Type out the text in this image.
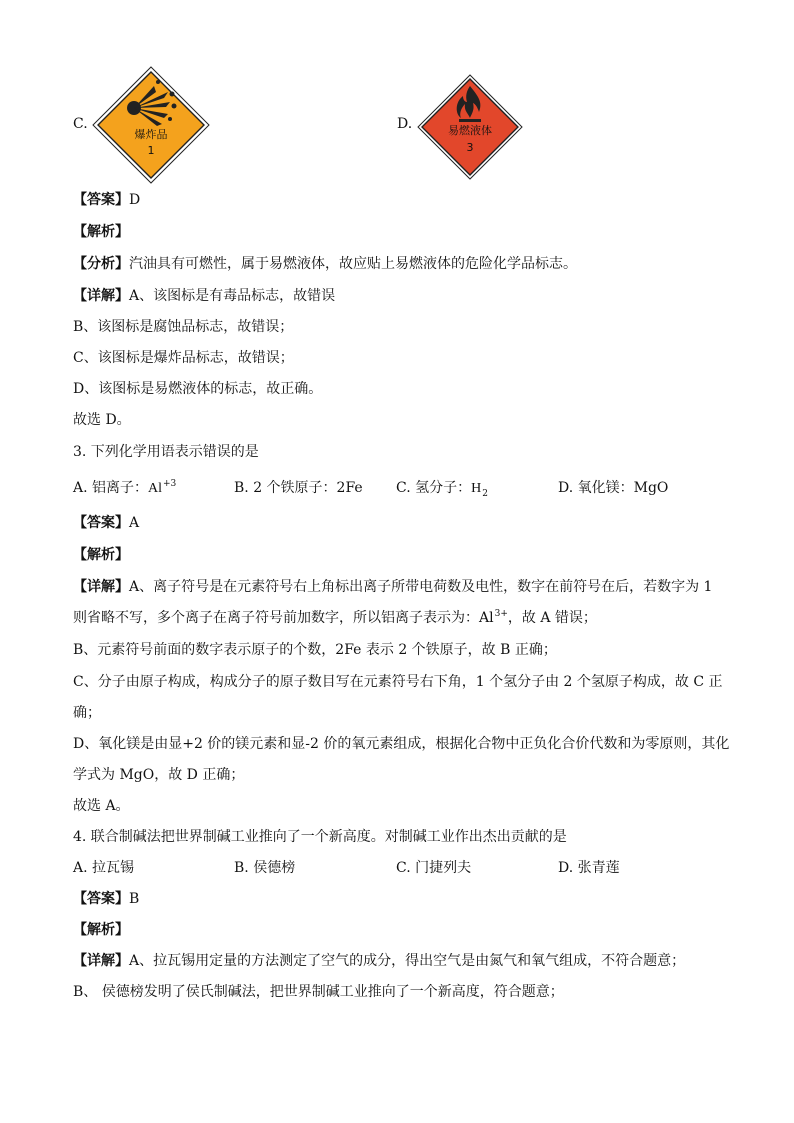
C.
爆炸品
1
D.	易燃液体
3
【答案】D
【解析】
【分析】汽油具有可燃性，属于易燃液体，故应贴上易燃液体的危险化学品标志。
【详解】A、该图标是有毒品标志，故错误
B、该图标是腐蚀品标志，故错误；
C、该图标是爆炸品标志，故错误；
D、该图标是易燃液体的标志，故正确。
故选 D。
3. 下列化学用语表示错误的是
A. 铝离子：$Al^{+3}$	B. 2 个铁原子：2Fe C. 氢分子：$H_2$	D. 氧化镁：MgO
【答案】A
【解析】
【详解】A、离子符号是在元素符号右上角标出离子所带电荷数及电性，数字在前符号在后，若数字为 1
则省略不写，多个离子在离子符号前加数字，所以铝离子表示为：$Al^{3+}$，故 A 错误；
B、元素符号前面的数字表示原子的个数，2Fe 表示 2 个铁原子，故 B 正确；
C、分子由原子构成，构成分子的原子数目写在元素符号右下角，1 个氢分子由 2 个氢原子构成，故 C 正
确；
D、氧化镁是由显+2 价的镁元素和显-2 价的氧元素组成，根据化合物中正负化合价代数和为零原则，其化
学式为 MgO，故 D 正确；
故选 A。
4. 联合制碱法把世界制碱工业推向了一个新高度。对制碱工业作出杰出贡献的是
A. 拉瓦锡	B. 侯德榜	C. 门捷列夫	D. 张青莲
【答案】B
【解析】
【详解】A、拉瓦锡用定量的方法测定了空气的成分，得出空气是由氮气和氧气组成，不符合题意；
B、 侯德榜发明了侯氏制碱法，把世界制碱工业推向了一个新高度，符合题意；
